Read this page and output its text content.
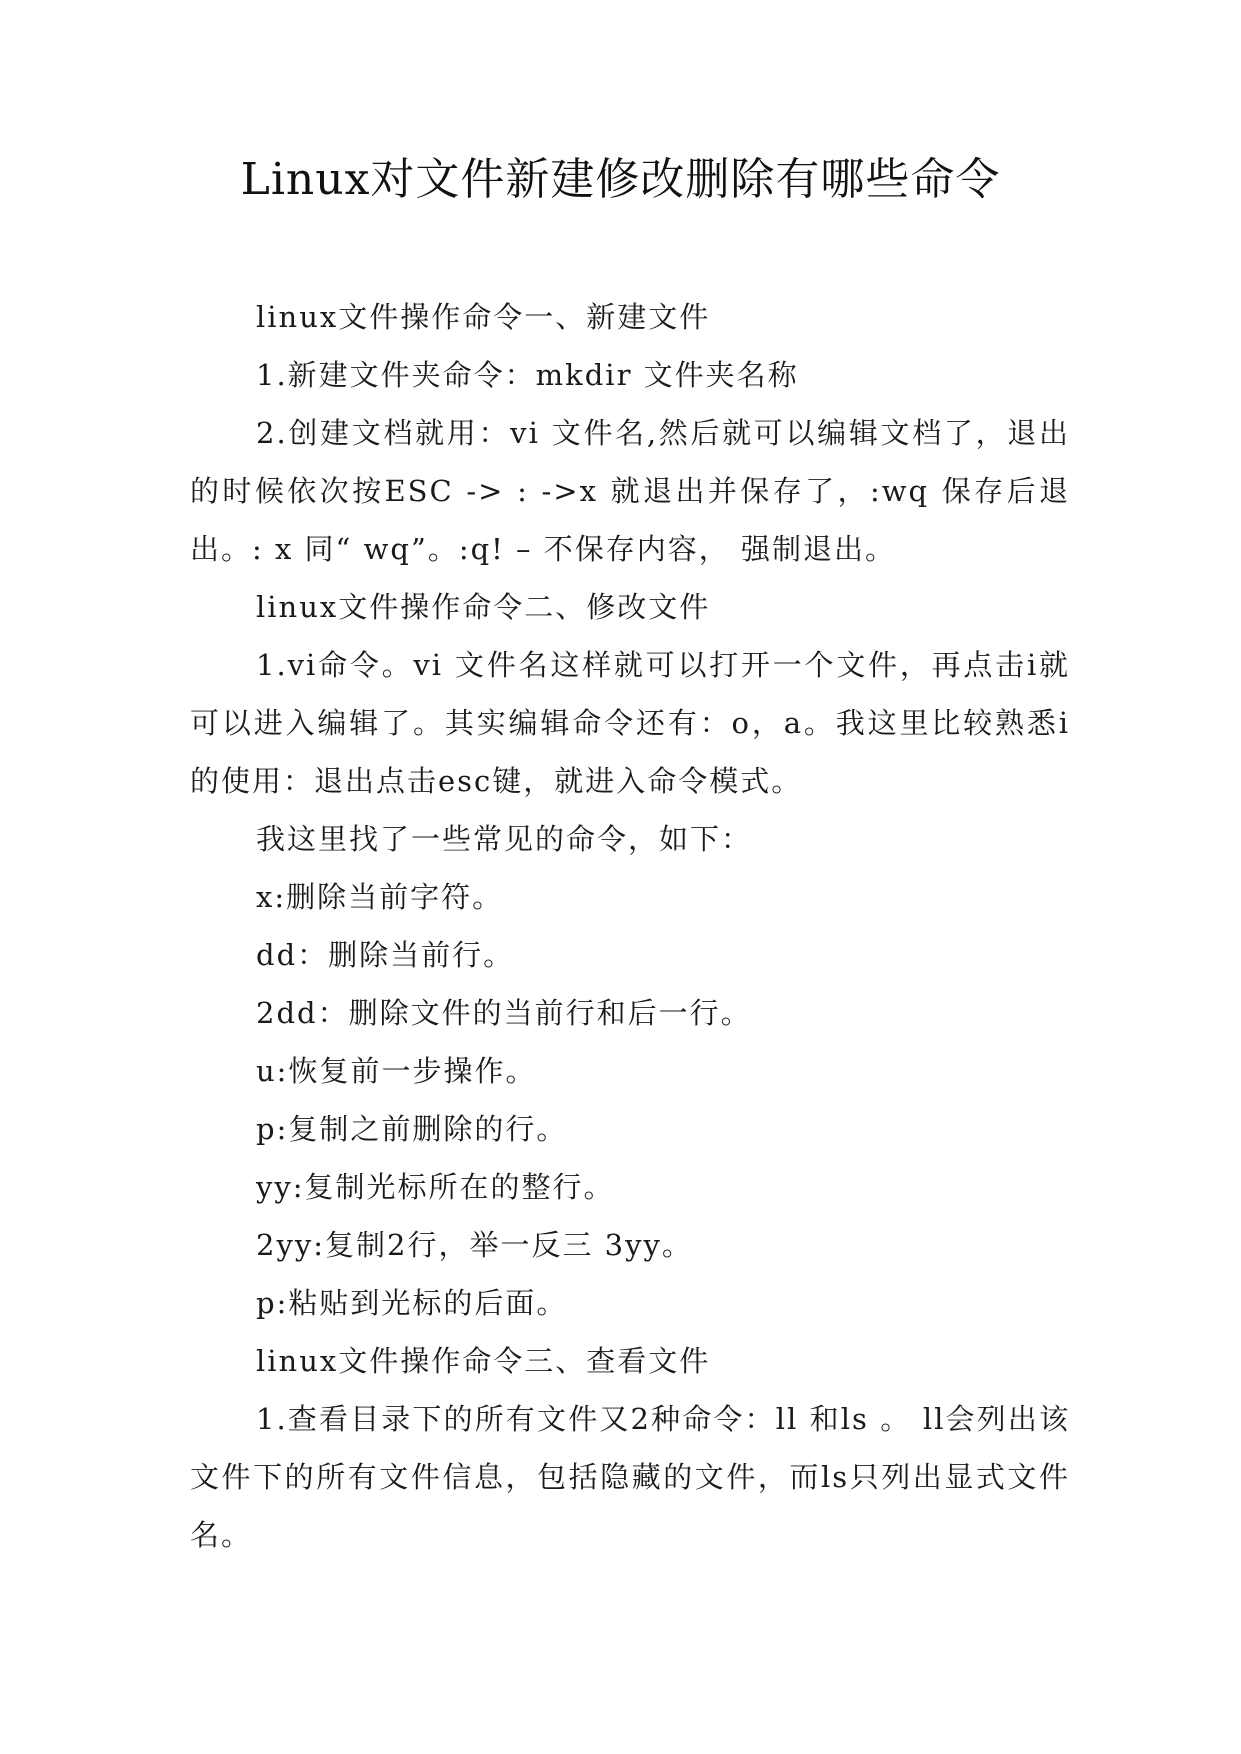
Linux对文件新建修改删除有哪些命令

linux文件操作命令一、新建文件

1.新建文件夹命令：mkdir 文件夹名称

2.创建文档就用：vi 文件名,然后就可以编辑文档了，退出的时候依次按ESC -> : ->x 就退出并保存了，:wq 保存后退出。: x 同“ wq”。:q! – 不保存内容， 强制退出。

linux文件操作命令二、修改文件

1.vi命令。vi 文件名这样就可以打开一个文件，再点击i就可以进入编辑了。其实编辑命令还有：o，a。我这里比较熟悉i的使用：退出点击esc键，就进入命令模式。

我这里找了一些常见的命令，如下：

x:删除当前字符。

dd：删除当前行。

2dd：删除文件的当前行和后一行。

u:恢复前一步操作。

p:复制之前删除的行。

yy:复制光标所在的整行。

2yy:复制2行，举一反三 3yy。

p:粘贴到光标的后面。

linux文件操作命令三、查看文件

1.查看目录下的所有文件又2种命令：ll 和ls 。 ll会列出该文件下的所有文件信息，包括隐藏的文件，而ls只列出显式文件名。
